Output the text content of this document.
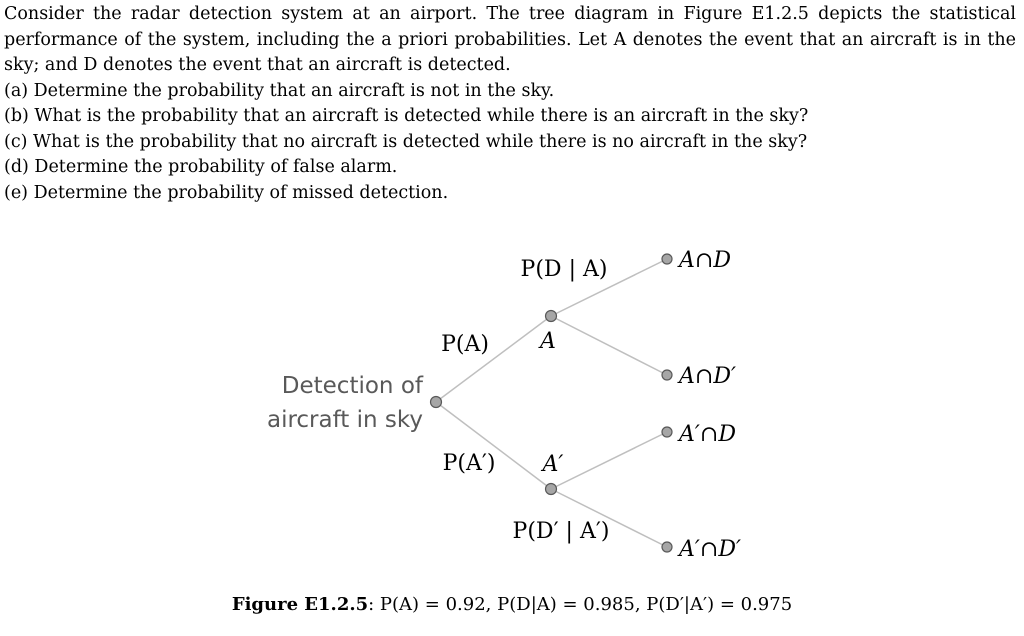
Consider the radar detection system at an airport. The tree diagram in Figure E1.2.5 depicts the statistical performance of the system, including the a priori probabilities. Let A denotes the event that an aircraft is in the sky; and D denotes the event that an aircraft is detected.

(a) Determine the probability that an aircraft is not in the sky.
(b) What is the probability that an aircraft is detected while there is an aircraft in the sky?
(c) What is the probability that no aircraft is detected while there is no aircraft in the sky?
(d) Determine the probability of false alarm.
(e) Determine the probability of missed detection.
Detection of
aircraft in sky
P(A)
P(A′)
P(D | A)
P(D′ | A′)
A
A′
A∩D
A∩D′
A′∩D
A′∩D′
Figure E1.2.5: P(A) = 0.92, P(D|A) = 0.985, P(D′|A′) = 0.975
